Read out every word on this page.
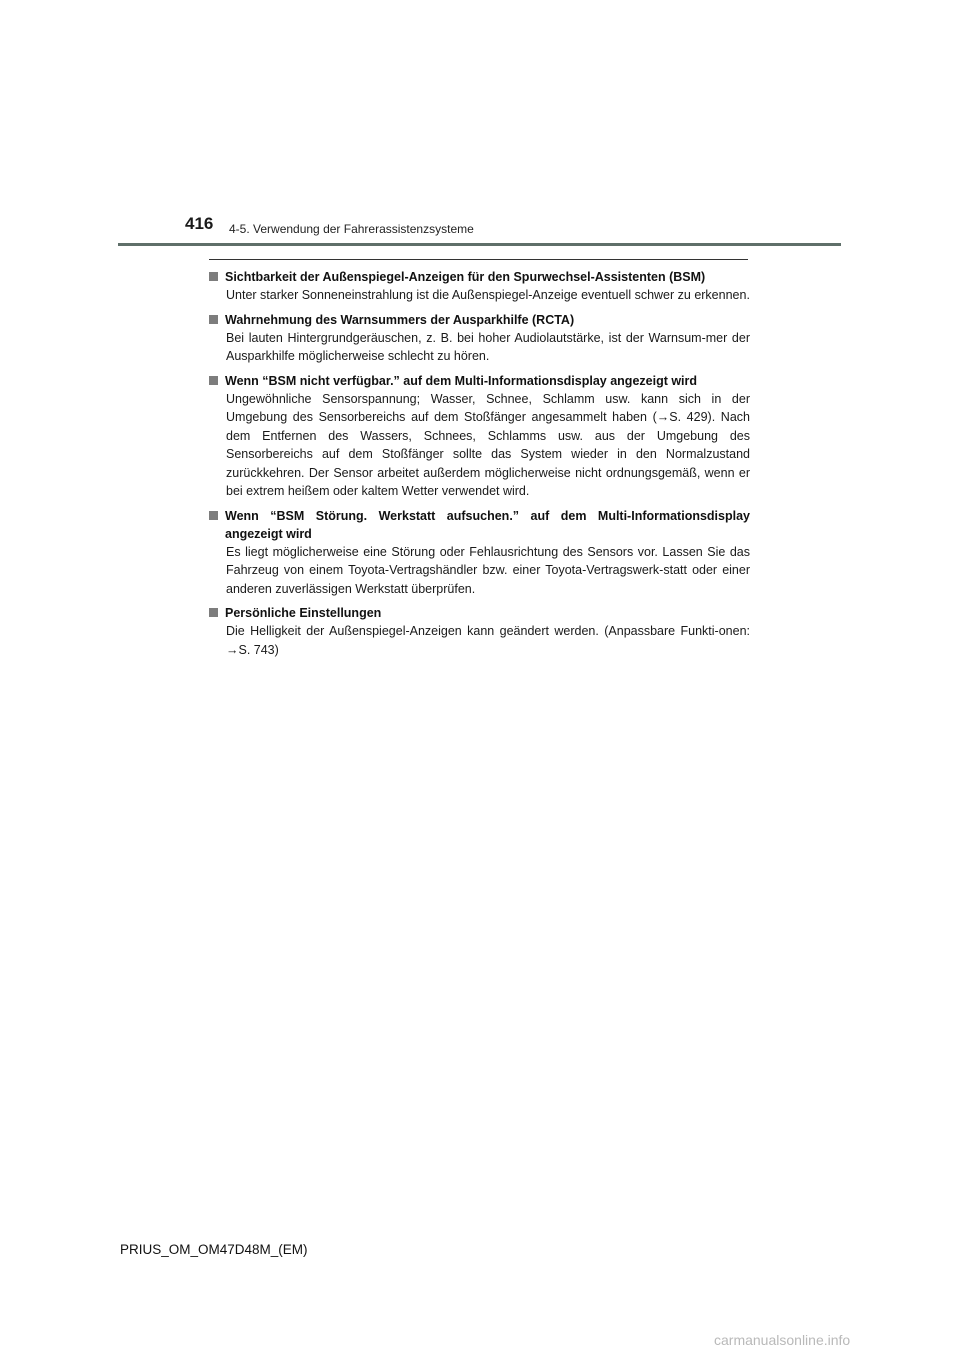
416 4-5. Verwendung der Fahrerassistenzsysteme
Sichtbarkeit der Außenspiegel-Anzeigen für den Spurwechsel-Assistenten (BSM)
Unter starker Sonneneinstrahlung ist die Außenspiegel-Anzeige eventuell schwer zu erkennen.
Wahrnehmung des Warnsummers der Ausparkhilfe (RCTA)
Bei lauten Hintergrundgeräuschen, z. B. bei hoher Audiolautstärke, ist der Warnsum-mer der Ausparkhilfe möglicherweise schlecht zu hören.
Wenn “BSM nicht verfügbar.” auf dem Multi-Informationsdisplay angezeigt wird
Ungewöhnliche Sensorspannung; Wasser, Schnee, Schlamm usw. kann sich in der Umgebung des Sensorbereichs auf dem Stoßfänger angesammelt haben (→S. 429). Nach dem Entfernen des Wassers, Schnees, Schlamms usw. aus der Umgebung des Sensorbereichs auf dem Stoßfänger sollte das System wieder in den Normalzustand zurückkehren. Der Sensor arbeitet außerdem möglicherweise nicht ordnungsgemäß, wenn er bei extrem heißem oder kaltem Wetter verwendet wird.
Wenn “BSM Störung. Werkstatt aufsuchen.” auf dem Multi-Informationsdisplay angezeigt wird
Es liegt möglicherweise eine Störung oder Fehlausrichtung des Sensors vor. Lassen Sie das Fahrzeug von einem Toyota-Vertragshändler bzw. einer Toyota-Vertragswerk-statt oder einer anderen zuverlässigen Werkstatt überprüfen.
Persönliche Einstellungen
Die Helligkeit der Außenspiegel-Anzeigen kann geändert werden. (Anpassbare Funkti-onen: →S. 743)
PRIUS_OM_OM47D48M_(EM)
carmanualsonline.info
